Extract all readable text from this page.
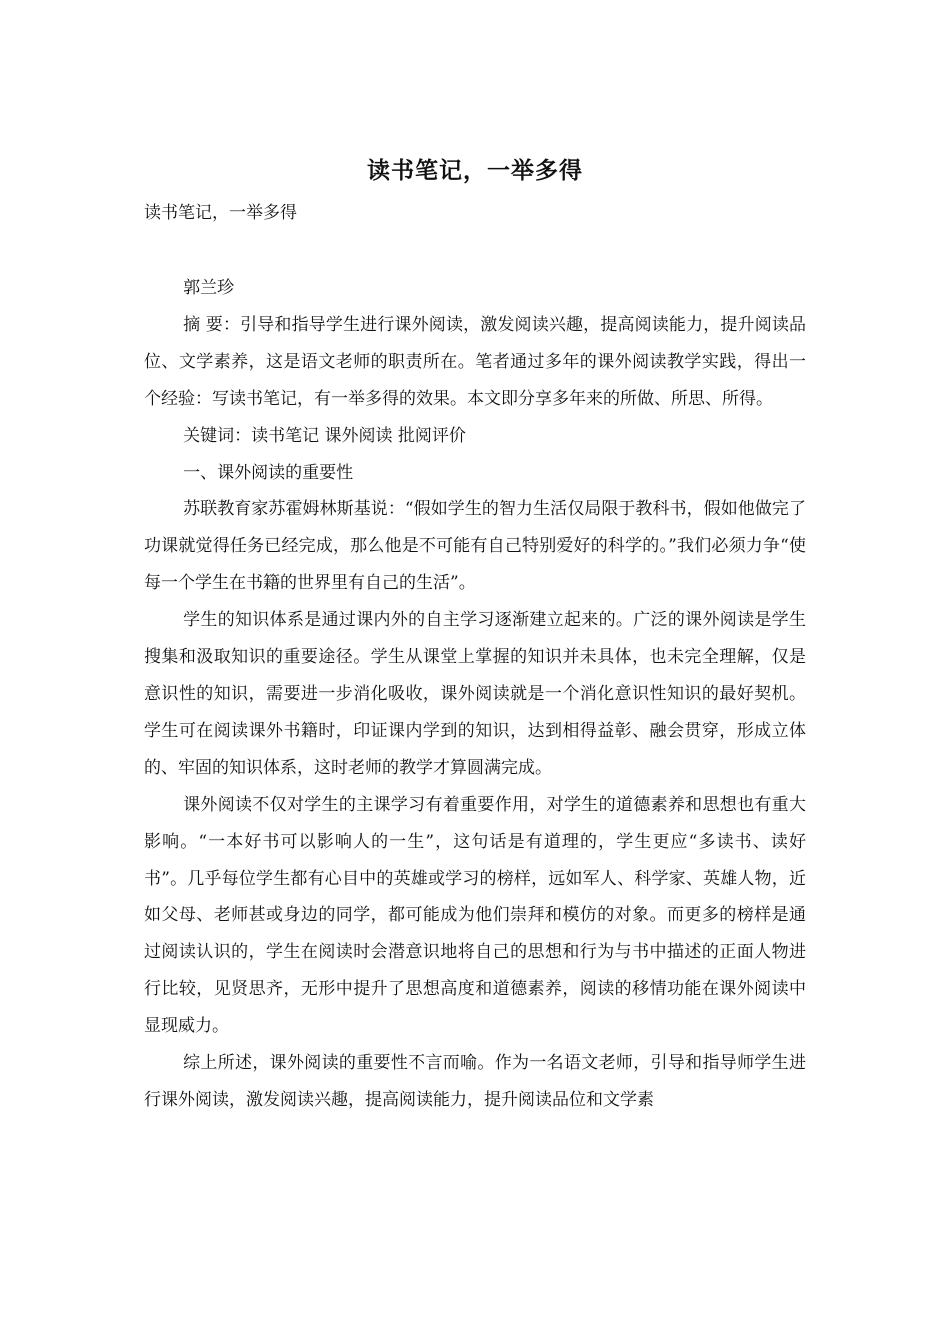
读书笔记，一举多得
读书笔记，一举多得

郭兰珍

摘 要：引导和指导学生进行课外阅读，激发阅读兴趣，提高阅读能力，提升阅读品位、文学素养，这是语文老师的职责所在。笔者通过多年的课外阅读教学实践，得出一个经验：写读书笔记，有一举多得的效果。本文即分享多年来的所做、所思、所得。

关键词：读书笔记 课外阅读 批阅评价

一、课外阅读的重要性

苏联教育家苏霍姆林斯基说：“假如学生的智力生活仅局限于教科书，假如他做完了功课就觉得任务已经完成，那么他是不可能有自己特别爱好的科学的。”我们必须力争“使每一个学生在书籍的世界里有自己的生活”。

学生的知识体系是通过课内外的自主学习逐渐建立起来的。广泛的课外阅读是学生搜集和汲取知识的重要途径。学生从课堂上掌握的知识并未具体，也未完全理解，仅是意识性的知识，需要进一步消化吸收，课外阅读就是一个消化意识性知识的最好契机。学生可在阅读课外书籍时，印证课内学到的知识，达到相得益彰、融会贯穿，形成立体的、牢固的知识体系，这时老师的教学才算圆满完成。

课外阅读不仅对学生的主课学习有着重要作用，对学生的道德素养和思想也有重大影响。“一本好书可以影响人的一生”，这句话是有道理的，学生更应“多读书、读好书”。几乎每位学生都有心目中的英雄或学习的榜样，远如军人、科学家、英雄人物，近如父母、老师甚或身边的同学，都可能成为他们崇拜和模仿的对象。而更多的榜样是通过阅读认识的，学生在阅读时会潜意识地将自己的思想和行为与书中描述的正面人物进行比较，见贤思齐，无形中提升了思想高度和道德素养，阅读的移情功能在课外阅读中显现威力。

综上所述，课外阅读的重要性不言而喻。作为一名语文老师，引导和指导师学生进行课外阅读，激发阅读兴趣，提高阅读能力，提升阅读品位和文学素
